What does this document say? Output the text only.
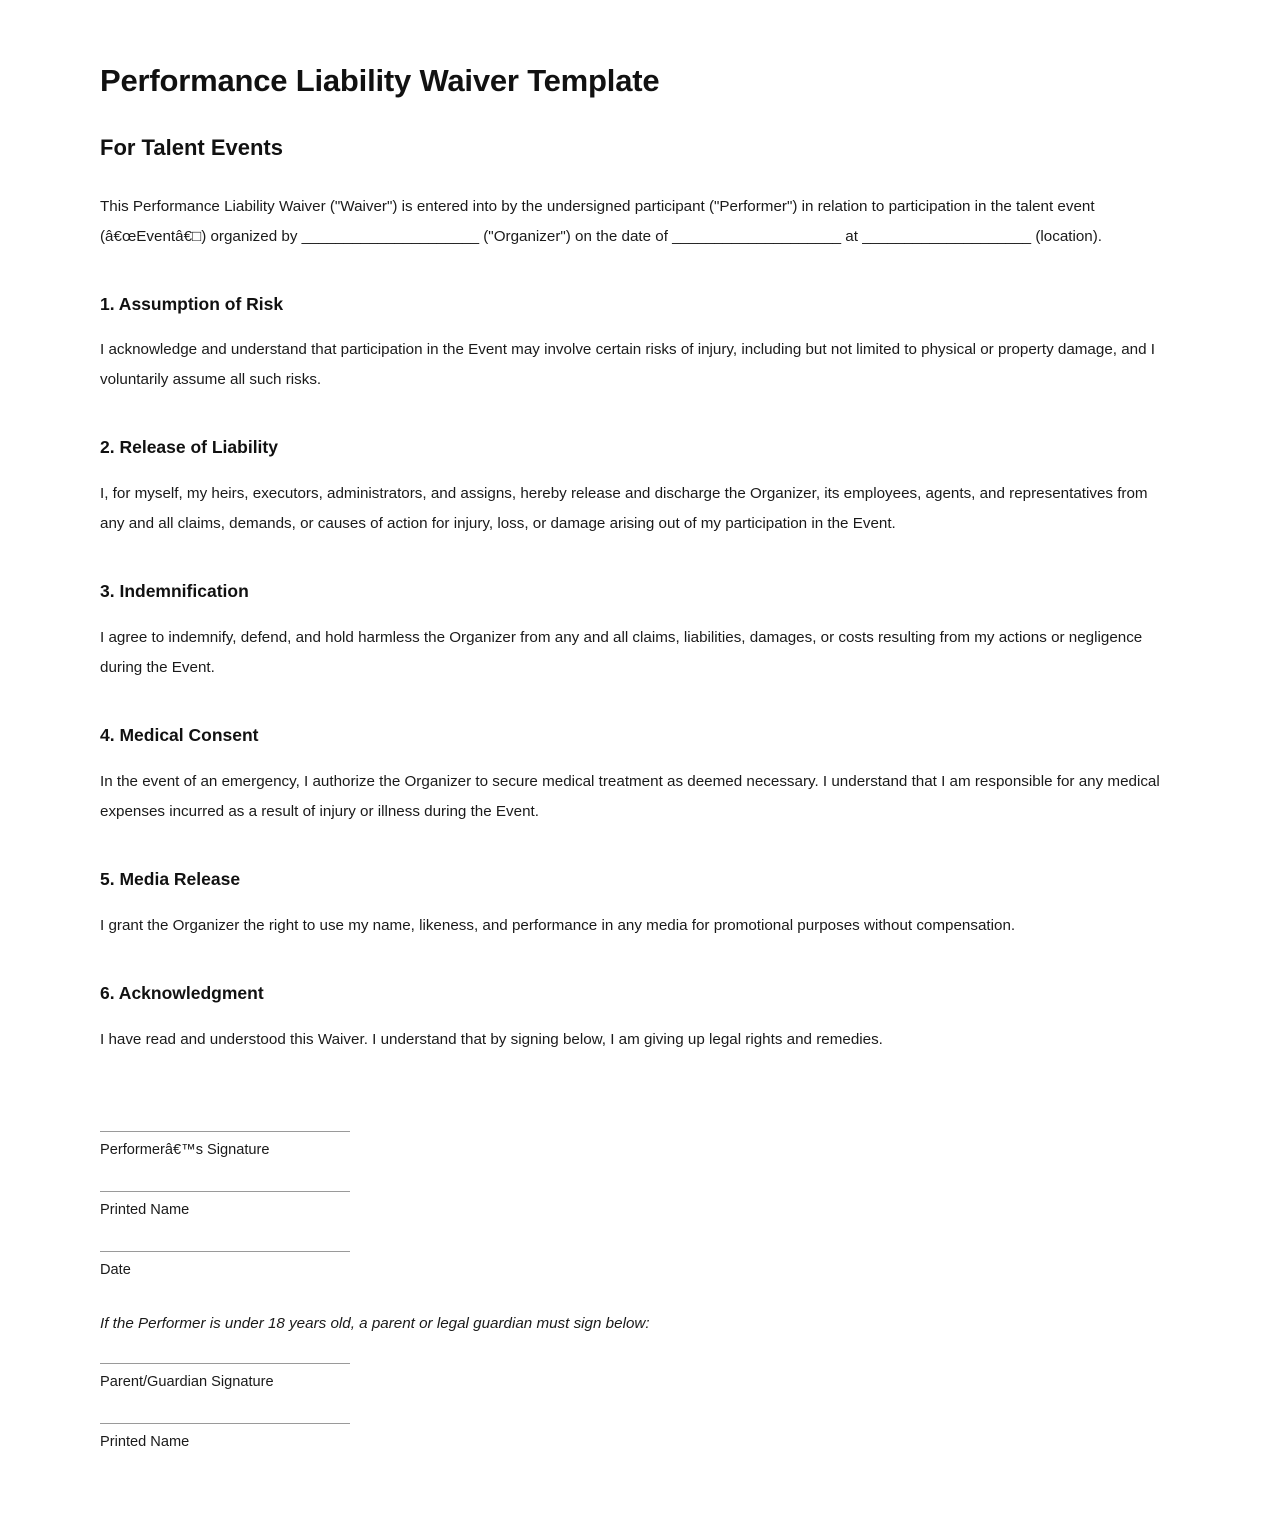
Performance Liability Waiver Template
For Talent Events

This Performance Liability Waiver ("Waiver") is entered into by the undersigned participant ("Performer") in relation to participation in the talent event (â€œEventâ€□) organized by _____________________ ("Organizer") on the date of ____________________ at ____________________ (location).

1. Assumption of Risk

I acknowledge and understand that participation in the Event may involve certain risks of injury, including but not limited to physical or property damage, and I voluntarily assume all such risks.

2. Release of Liability

I, for myself, my heirs, executors, administrators, and assigns, hereby release and discharge the Organizer, its employees, agents, and representatives from any and all claims, demands, or causes of action for injury, loss, or damage arising out of my participation in the Event.

3. Indemnification

I agree to indemnify, defend, and hold harmless the Organizer from any and all claims, liabilities, damages, or costs resulting from my actions or negligence during the Event.

4. Medical Consent

In the event of an emergency, I authorize the Organizer to secure medical treatment as deemed necessary. I understand that I am responsible for any medical expenses incurred as a result of injury or illness during the Event.

5. Media Release

I grant the Organizer the right to use my name, likeness, and performance in any media for promotional purposes without compensation.

6. Acknowledgment

I have read and understood this Waiver. I understand that by signing below, I am giving up legal rights and remedies.

Performerâ€™s Signature
Printed Name
Date

If the Performer is under 18 years old, a parent or legal guardian must sign below:

Parent/Guardian Signature
Printed Name
